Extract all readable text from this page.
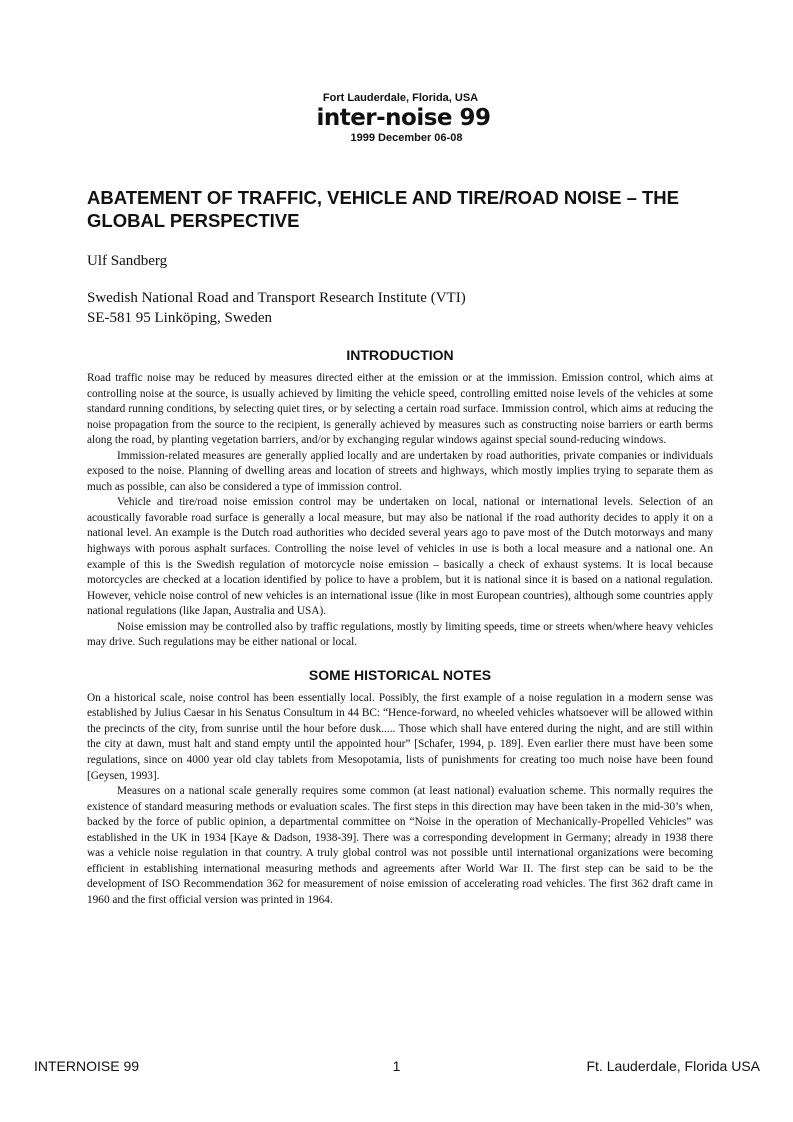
Fort Lauderdale, Florida, USA
inter-noise 99
1999 December 06-08
ABATEMENT OF TRAFFIC, VEHICLE AND TIRE/ROAD NOISE – THE GLOBAL PERSPECTIVE

Ulf Sandberg

Swedish National Road and Transport Research Institute (VTI)
SE-581 95 Linköping, Sweden
INTRODUCTION

Road traffic noise may be reduced by measures directed either at the emission or at the immission. Emission control, which aims at controlling noise at the source, is usually achieved by limiting the vehicle speed, controlling emitted noise levels of the vehicles at some standard running conditions, by selecting quiet tires, or by selecting a certain road surface. Immission control, which aims at reducing the noise propagation from the source to the recipient, is generally achieved by measures such as constructing noise barriers or earth berms along the road, by planting vegetation barriers, and/or by exchanging regular windows against special sound-reducing windows.

Immission-related measures are generally applied locally and are undertaken by road authorities, private companies or individuals exposed to the noise. Planning of dwelling areas and location of streets and highways, which mostly implies trying to separate them as much as possible, can also be considered a type of immission control.

Vehicle and tire/road noise emission control may be undertaken on local, national or international levels. Selection of an acoustically favorable road surface is generally a local measure, but may also be national if the road authority decides to apply it on a national level. An example is the Dutch road authorities who decided several years ago to pave most of the Dutch motorways and many highways with porous asphalt surfaces. Controlling the noise level of vehicles in use is both a local measure and a national one. An example of this is the Swedish regulation of motorcycle noise emission – basically a check of exhaust systems. It is local because motorcycles are checked at a location identified by police to have a problem, but it is national since it is based on a national regulation. However, vehicle noise control of new vehicles is an international issue (like in most European countries), although some countries apply national regulations (like Japan, Australia and USA).

Noise emission may be controlled also by traffic regulations, mostly by limiting speeds, time or streets when/where heavy vehicles may drive. Such regulations may be either national or local.

SOME HISTORICAL NOTES

On a historical scale, noise control has been essentially local. Possibly, the first example of a noise regulation in a modern sense was established by Julius Caesar in his Senatus Consultum in 44 BC: “Hence-forward, no wheeled vehicles whatsoever will be allowed within the precincts of the city, from sunrise until the hour before dusk..... Those which shall have entered during the night, and are still within the city at dawn, must halt and stand empty until the appointed hour” [Schafer, 1994, p. 189]. Even earlier there must have been some regulations, since on 4000 year old clay tablets from Mesopotamia, lists of punishments for creating too much noise have been found [Geysen, 1993].

Measures on a national scale generally requires some common (at least national) evaluation scheme. This normally requires the existence of standard measuring methods or evaluation scales. The first steps in this direction may have been taken in the mid-30’s when, backed by the force of public opinion, a departmental committee on “Noise in the operation of Mechanically-Propelled Vehicles” was established in the UK in 1934 [Kaye & Dadson, 1938-39]. There was a corresponding development in Germany; already in 1938 there was a vehicle noise regulation in that country. A truly global control was not possible until international organizations were becoming efficient in establishing international measuring methods and agreements after World War II. The first step can be said to be the development of ISO Recommendation 362 for measurement of noise emission of accelerating road vehicles. The first 362 draft came in 1960 and the first official version was printed in 1964.

INTERNOISE 99	1	Ft. Lauderdale, Florida USA
